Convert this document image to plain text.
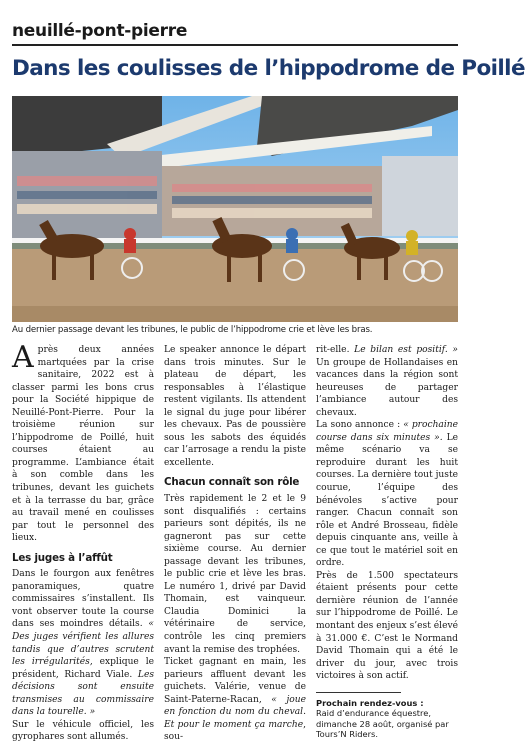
neuillé-pont-pierre
Dans les coulisses de l’hippodrome de Poillé
Au dernier passage devant les tribunes, le public de l’hippodrome crie et lève les bras.

Après deux années martquées par la crise sanitaire, 2022 est à classer parmi les bons crus pour la Société hippique de Neuillé-Pont-Pierre. Pour la troisième réunion sur l’hippodrome de Poillé, huit courses étaient au programme. L’ambiance était à son comble dans les tribunes, devant les guichets et à la terrasse du bar, grâce au travail mené en coulisses par tout le personnel des lieux.

Les juges à l’affût

Dans le fourgon aux fenêtres panoramiques, quatre commissaires s’installent. Ils vont observer toute la course dans ses moindres détails. « Des juges vérifient les allures tandis que d’autres scrutent les irrégularités, explique le président, Richard Viale. Les décisions sont ensuite transmises au commissaire dans la tourelle. »

Sur le véhicule officiel, les gyrophares sont allumés.

Le speaker annonce le départ dans trois minutes. Sur le plateau de départ, les responsables à l’élastique restent vigilants. Ils attendent le signal du juge pour libérer les chevaux. Pas de poussière sous les sabots des équidés car l’arrosage a rendu la piste excellente.

Chacun connaît son rôle

Très rapidement le 2 et le 9 sont disqualifiés : certains parieurs sont dépités, ils ne gagneront pas sur cette sixième course. Au dernier passage devant les tribunes, le public crie et lève les bras. Le numéro 1, drivé par David Thomain, est vainqueur. Claudia Dominici la vétérinaire de service, contrôle les cinq premiers avant la remise des trophées.

Ticket gagnant en main, les parieurs affluent devant les guichets. Valérie, venue de Saint-Paterne-Racan, « joue en fonction du nom du cheval. Et pour le moment ça marche, sou-

rit-elle. Le bilan est positif. » Un groupe de Hollandaises en vacances dans la région sont heureuses de partager l’ambiance autour des chevaux.

La sono annonce : « prochaine course dans six minutes ». Le même scénario va se reproduire durant les huit courses. La dernière tout juste courue, l’équipe des bénévoles s’active pour ranger. Chacun connaît son rôle et André Brosseau, fidèle depuis cinquante ans, veille à ce que tout le matériel soit en ordre.

Près de 1.500 spectateurs étaient présents pour cette dernière réunion de l’année sur l’hippodrome de Poillé. Le montant des enjeux s’est élevé à 31.000 €. C’est le Normand David Thomain qui a été le driver du jour, avec trois victoires à son actif.

Prochain rendez-vous :
Raid d’endurance équestre, dimanche 28 août, organisé par Tours’N Riders.
